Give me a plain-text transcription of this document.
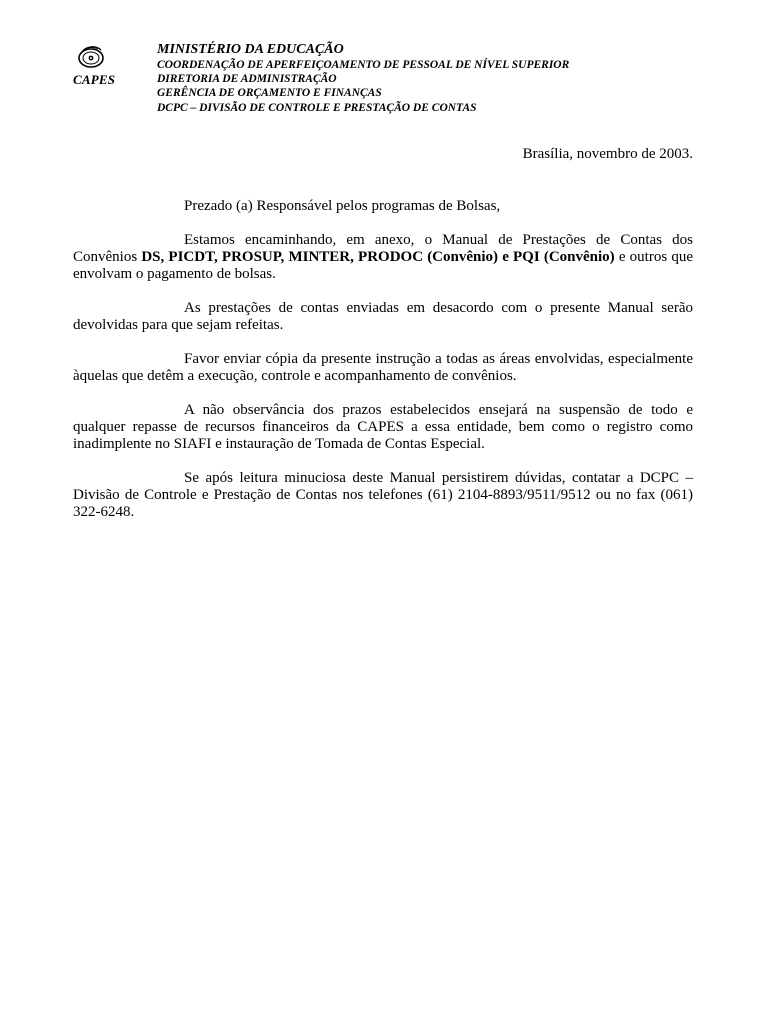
CAPES
MINISTÉRIO DA EDUCAÇÃO
COORDENAÇÃO DE APERFEIÇOAMENTO DE PESSOAL DE NÍVEL SUPERIOR
DIRETORIA DE ADMINISTRAÇÃO
GERÊNCIA DE ORÇAMENTO E FINANÇAS
DCPC – DIVISÃO DE CONTROLE E PRESTAÇÃO DE CONTAS
Brasília, novembro de 2003.

Prezado (a) Responsável pelos programas de Bolsas,

Estamos encaminhando, em anexo, o Manual de Prestações de Contas dos Convênios DS, PICDT, PROSUP, MINTER, PRODOC (Convênio) e PQI (Convênio) e outros que envolvam o pagamento de bolsas.

As prestações de contas enviadas em desacordo com o presente Manual serão devolvidas para que sejam refeitas.

Favor enviar cópia da presente instrução a todas as áreas envolvidas, especialmente àquelas que detêm a execução, controle e acompanhamento de convênios.

A não observância dos prazos estabelecidos ensejará na suspensão de todo e qualquer repasse de recursos financeiros da CAPES a essa entidade, bem como o registro como inadimplente no SIAFI e instauração de Tomada de Contas Especial.

Se após leitura minuciosa deste Manual persistirem dúvidas, contatar a DCPC – Divisão de Controle e Prestação de Contas nos telefones (61) 2104-8893/9511/9512 ou no fax (061) 322-6248.
